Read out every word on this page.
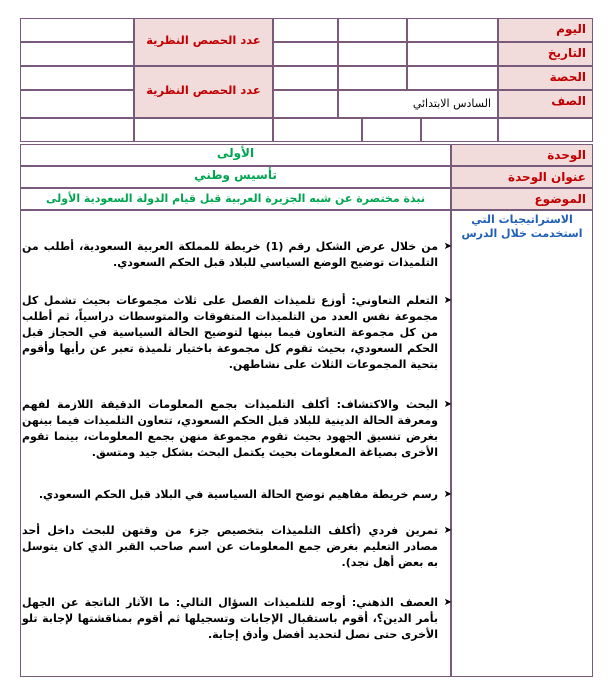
اليوم
عدد الحصص النظرية
التاريخ
الحصة
عدد الحصص النظرية
الصف
السادس الابتدائي
الوحدة
الأولى
عنوان الوحدة
تأسيس وطني
الموضوع
نبذة مختصرة عن شبه الجزيرة العربية قبل قيام الدولة السعودية الأولى
الاستراتيجيات التي استخدمت خلال الدرس
➤
من خلال عرض الشكل رقم (1) خريطة للمملكة العربية السعودية، أطلب من التلميذات توضيح الوضع السياسي للبلاد قبل الحكم السعودي.
➤
التعلم التعاوني: أوزع تلميذات الفصل على ثلاث مجموعات بحيث تشمل كل مجموعة نفس العدد من التلميذات المتفوقات والمتوسطات دراسياً، ثم أطلب من كل مجموعة التعاون فيما بينها لتوضيح الحالة السياسية في الحجاز قبل الحكم السعودي، بحيث تقوم كل مجموعة باختيار تلميذة تعبر عن رأيها وأقوم بتحية المجموعات الثلاث على نشاطهن.
➤
البحث والاكتشاف: أكلف التلميذات بجمع المعلومات الدقيقة اللازمة لفهم ومعرفة الحالة الدينية للبلاد قبل الحكم السعودي، تتعاون التلميذات فيما بينهن بغرض تنسيق الجهود بحيث تقوم مجموعة منهن بجمع المعلومات، بينما تقوم الأخرى بصياغة المعلومات بحيث يكتمل البحث بشكل جيد ومتسق.
➤
رسم خريطة مفاهيم توضح الحالة السياسية في البلاد قبل الحكم السعودي.
➤
تمرين فردي (أكلف التلميذات بتخصيص جزء من وقتهن للبحث داخل أحد مصادر التعليم بغرض جمع المعلومات عن اسم صاحب القبر الذي كان يتوسل به بعض أهل نجد).
➤
العصف الذهني: أوجه للتلميذات السؤال التالي: ما الآثار الناتجة عن الجهل بأمر الدين؟، أقوم باستقبال الإجابات وتسجيلها ثم أقوم بمناقشتها لإجابة تلو الأخرى حتى نصل لتحديد أفضل وأدق إجابة.
